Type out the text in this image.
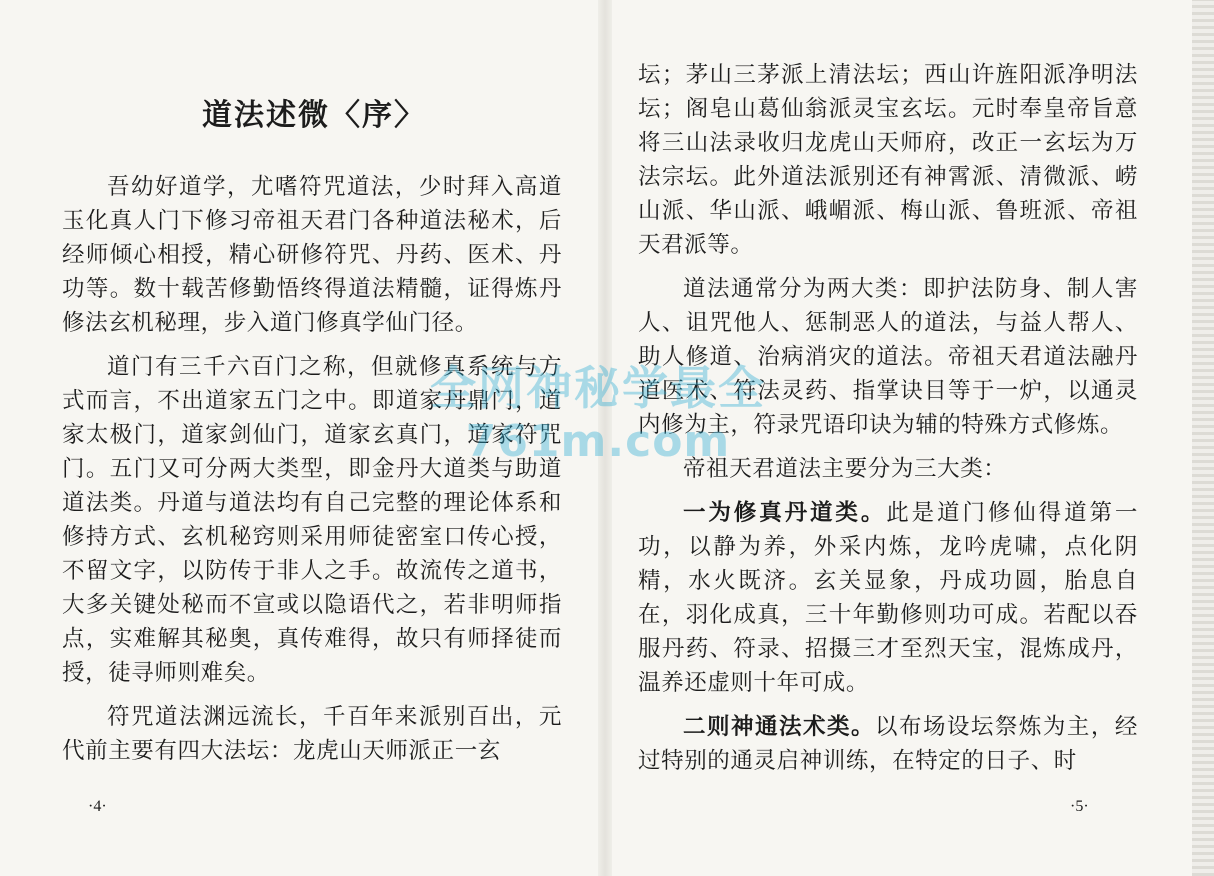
道法述微〈序〉

吾幼好道学，尤嗜符咒道法，少时拜入高道玉化真人门下修习帝祖天君门各种道法秘术，后经师倾心相授，精心研修符咒、丹药、医术、丹功等。数十载苦修勤悟终得道法精髓，证得炼丹修法玄机秘理，步入道门修真学仙门径。

道门有三千六百门之称，但就修真系统与方式而言，不出道家五门之中。即道家丹鼎门，道家太极门，道家剑仙门，道家玄真门，道家符咒门。五门又可分两大类型，即金丹大道类与助道道法类。丹道与道法均有自己完整的理论体系和修持方式、玄机秘窍则采用师徒密室口传心授，不留文字，以防传于非人之手。故流传之道书，大多关键处秘而不宣或以隐语代之，若非明师指点，实难解其秘奥，真传难得，故只有师择徒而授，徒寻师则难矣。

符咒道法渊远流长，千百年来派别百出，元代前主要有四大法坛：龙虎山天师派正一玄

·4·

坛；茅山三茅派上清法坛；西山许旌阳派净明法坛；阁皂山葛仙翁派灵宝玄坛。元时奉皇帝旨意将三山法录收归龙虎山天师府，改正一玄坛为万法宗坛。此外道法派别还有神霄派、清微派、崂山派、华山派、峨嵋派、梅山派、鲁班派、帝祖天君派等。

道法通常分为两大类：即护法防身、制人害人、诅咒他人、惩制恶人的道法，与益人帮人、助人修道、治病消灾的道法。帝祖天君道法融丹道医术、符法灵药、指掌诀目等于一炉，以通灵内修为主，符录咒语印诀为辅的特殊方式修炼。

帝祖天君道法主要分为三大类：

一为修真丹道类。此是道门修仙得道第一功，以静为养，外采内炼，龙吟虎啸，点化阴精，水火既济。玄关显象，丹成功圆，胎息自在，羽化成真，三十年勤修则功可成。若配以吞服丹药、符录、招摄三才至烈天宝，混炼成丹，温养还虚则十年可成。

二则神通法术类。以布场设坛祭炼为主，经过特别的通灵启神训练，在特定的日子、时

·5·
全网神秘学最全
761m.com
